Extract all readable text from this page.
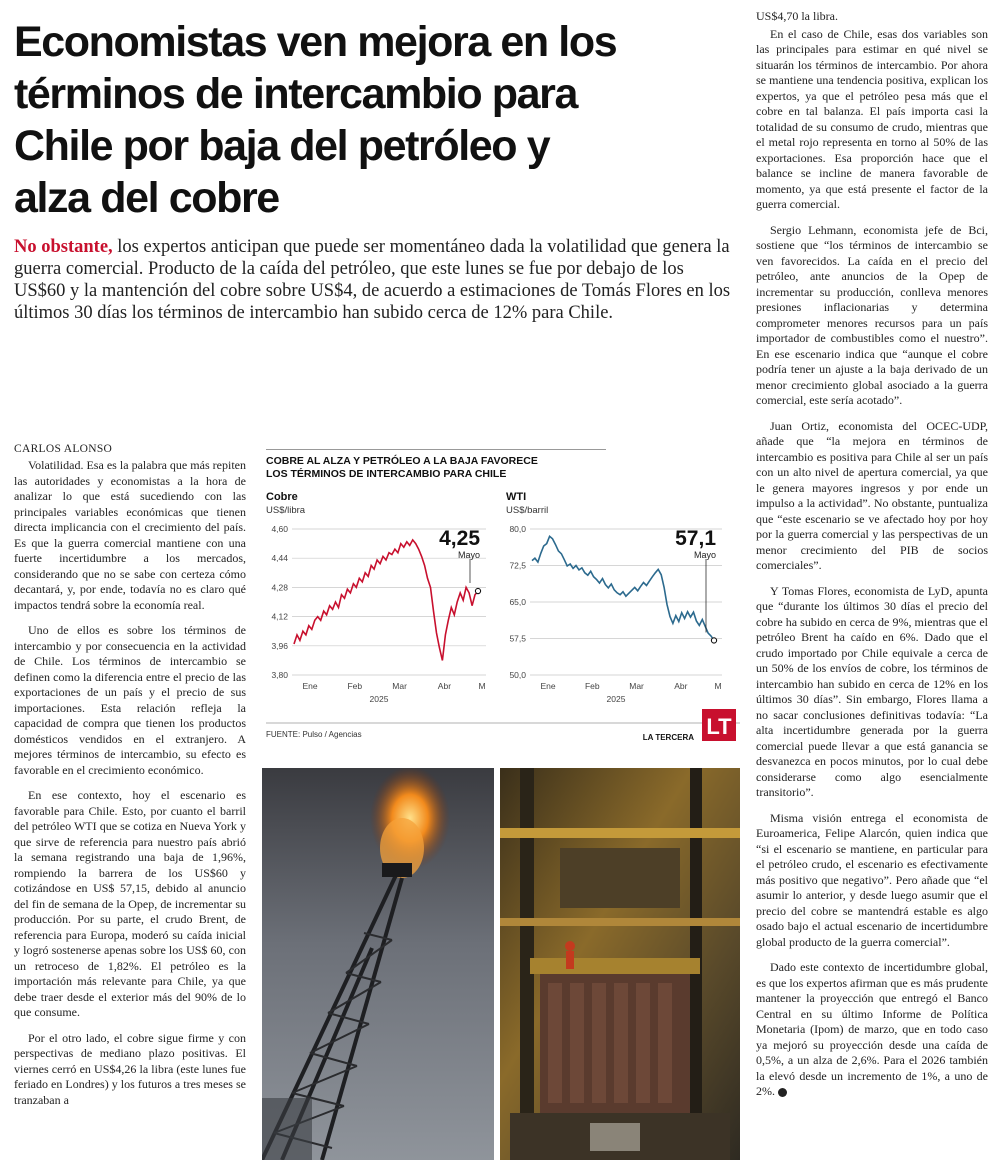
Economistas ven mejora en los
términos de intercambio para
Chile por baja del petróleo y
alza del cobre
No obstante, los expertos anticipan que puede ser momentáneo dada la volatilidad que genera la guerra comercial. Producto de la caída del petróleo, que este lunes se fue por debajo de los US$60 y la mantención del cobre sobre US$4, de acuerdo a estimaciones de Tomás Flores en los últimos 30 días los términos de intercambio han subido cerca de 12% para Chile.
CARLOS ALONSO

Volatilidad. Esa es la palabra que más repiten las autoridades y economistas a la hora de analizar lo que está sucediendo con las principales variables económicas que tienen directa implicancia con el crecimiento del país. Es que la guerra comercial mantiene con una fuerte incertidumbre a los mercados, considerando que no se sabe con certeza cómo decantará, y, por ende, todavía no es claro qué impactos tendrá sobre la economía real.

Uno de ellos es sobre los términos de intercambio y por consecuencia en la actividad de Chile. Los términos de intercambio se definen como la diferencia entre el precio de las exportaciones de un país y el precio de sus importaciones. Esta relación refleja la capacidad de compra que tienen los productos domésticos vendidos en el extranjero. A mejores términos de intercambio, su efecto es favorable en el crecimiento económico.

En ese contexto, hoy el escenario es favorable para Chile. Esto, por cuanto el barril del petróleo WTI que se cotiza en Nueva York y que sirve de referencia para nuestro país abrió la semana registrando una baja de 1,96%, rompiendo la barrera de los US$60 y cotizándose en US$ 57,15, debido al anuncio del fin de semana de la Opep, de incrementar su producción. Por su parte, el crudo Brent, de referencia para Europa, moderó su caída inicial y logró sostenerse apenas sobre los US$ 60, con un retroceso de 1,82%. El petróleo es la importación más relevante para Chile, ya que debe traer desde el exterior más del 90% de lo que consume.

Por el otro lado, el cobre sigue firme y con perspectivas de mediano plazo positivas. El viernes cerró en US$4,26 la libra (este lunes fue feriado en Londres) y los futuros a tres meses se tranzaban a

US$4,70 la libra.

En el caso de Chile, esas dos variables son las principales para estimar en qué nivel se situarán los términos de intercambio. Por ahora se mantiene una tendencia positiva, explican los expertos, ya que el petróleo pesa más que el cobre en tal balanza. El país importa casi la totalidad de su consumo de crudo, mientras que el metal rojo representa en torno al 50% de las exportaciones. Esa proporción hace que el balance se incline de manera favorable de momento, ya que está presente el factor de la guerra comercial.

Sergio Lehmann, economista jefe de Bci, sostiene que “los términos de intercambio se ven favorecidos. La caída en el precio del petróleo, ante anuncios de la Opep de incrementar su producción, conlleva menores presiones inflacionarias y determina comprometer menores recursos para un país importador de combustibles como el nuestro”. En ese escenario indica que “aunque el cobre podría tener un ajuste a la baja derivado de un menor crecimiento global asociado a la guerra comercial, este sería acotado”.

Juan Ortiz, economista del OCEC-UDP, añade que “la mejora en términos de intercambio es positiva para Chile al ser un país con un alto nivel de apertura comercial, ya que le genera mayores ingresos y por ende un impulso a la actividad”. No obstante, puntualiza que “este escenario se ve afectado hoy por hoy por la guerra comercial y las perspectivas de un menor crecimiento del PIB de socios comerciales”.

Y Tomas Flores, economista de LyD, apunta que “durante los últimos 30 días el precio del cobre ha subido en cerca de 9%, mientras que el petróleo Brent ha caído en 6%. Dado que el crudo importado por Chile equivale a cerca de un 50% de los envíos de cobre, los términos de intercambio han subido en cerca de 12% en los últimos 30 días”. Sin embargo, Flores llama a no sacar conclusiones definitivas todavía: “La alta incertidumbre generada por la guerra comercial puede llevar a que está ganancia se desvanezca en pocos minutos, por lo cual debe considerarse como algo esencialmente transitorio”.

Misma visión entrega el economista de Euroamerica, Felipe Alarcón, quien indica que “si el escenario se mantiene, en particular para el petróleo crudo, el escenario es efectivamente más positivo que negativo”. Pero añade que “el asumir lo anterior, y desde luego asumir que el precio del cobre se mantendrá estable es algo osado bajo el actual escenario de incertidumbre global producto de la guerra comercial”.

Dado este contexto de incertidumbre global, es que los expertos afirman que es más prudente mantener la proyección que entregó el Banco Central en su último Informe de Política Monetaria (Ipom) de marzo, que en todo caso ya mejoró su proyección desde una caída de 0,5%, a un alza de 2,6%. Para el 2026 también la elevó desde un incremento de 1%, a uno de 2%.

COBRE AL ALZA Y PETRÓLEO A LA BAJA FAVORECE
LOS TÉRMINOS DE INTERCAMBIO PARA CHILE
Cobre
US$/libra
4,60
4,44
4,28
4,12
3,96
3,80
Ene	Feb	Mar	Abr	M
2025
4,25
Mayo
WTI
US$/barril
80,0
72,5
65,0
57,5
50,0
Ene	Feb	Mar	Abr	M
2025
57,1
Mayo
FUENTE: Pulso / Agencias	LA TERCERA LT
